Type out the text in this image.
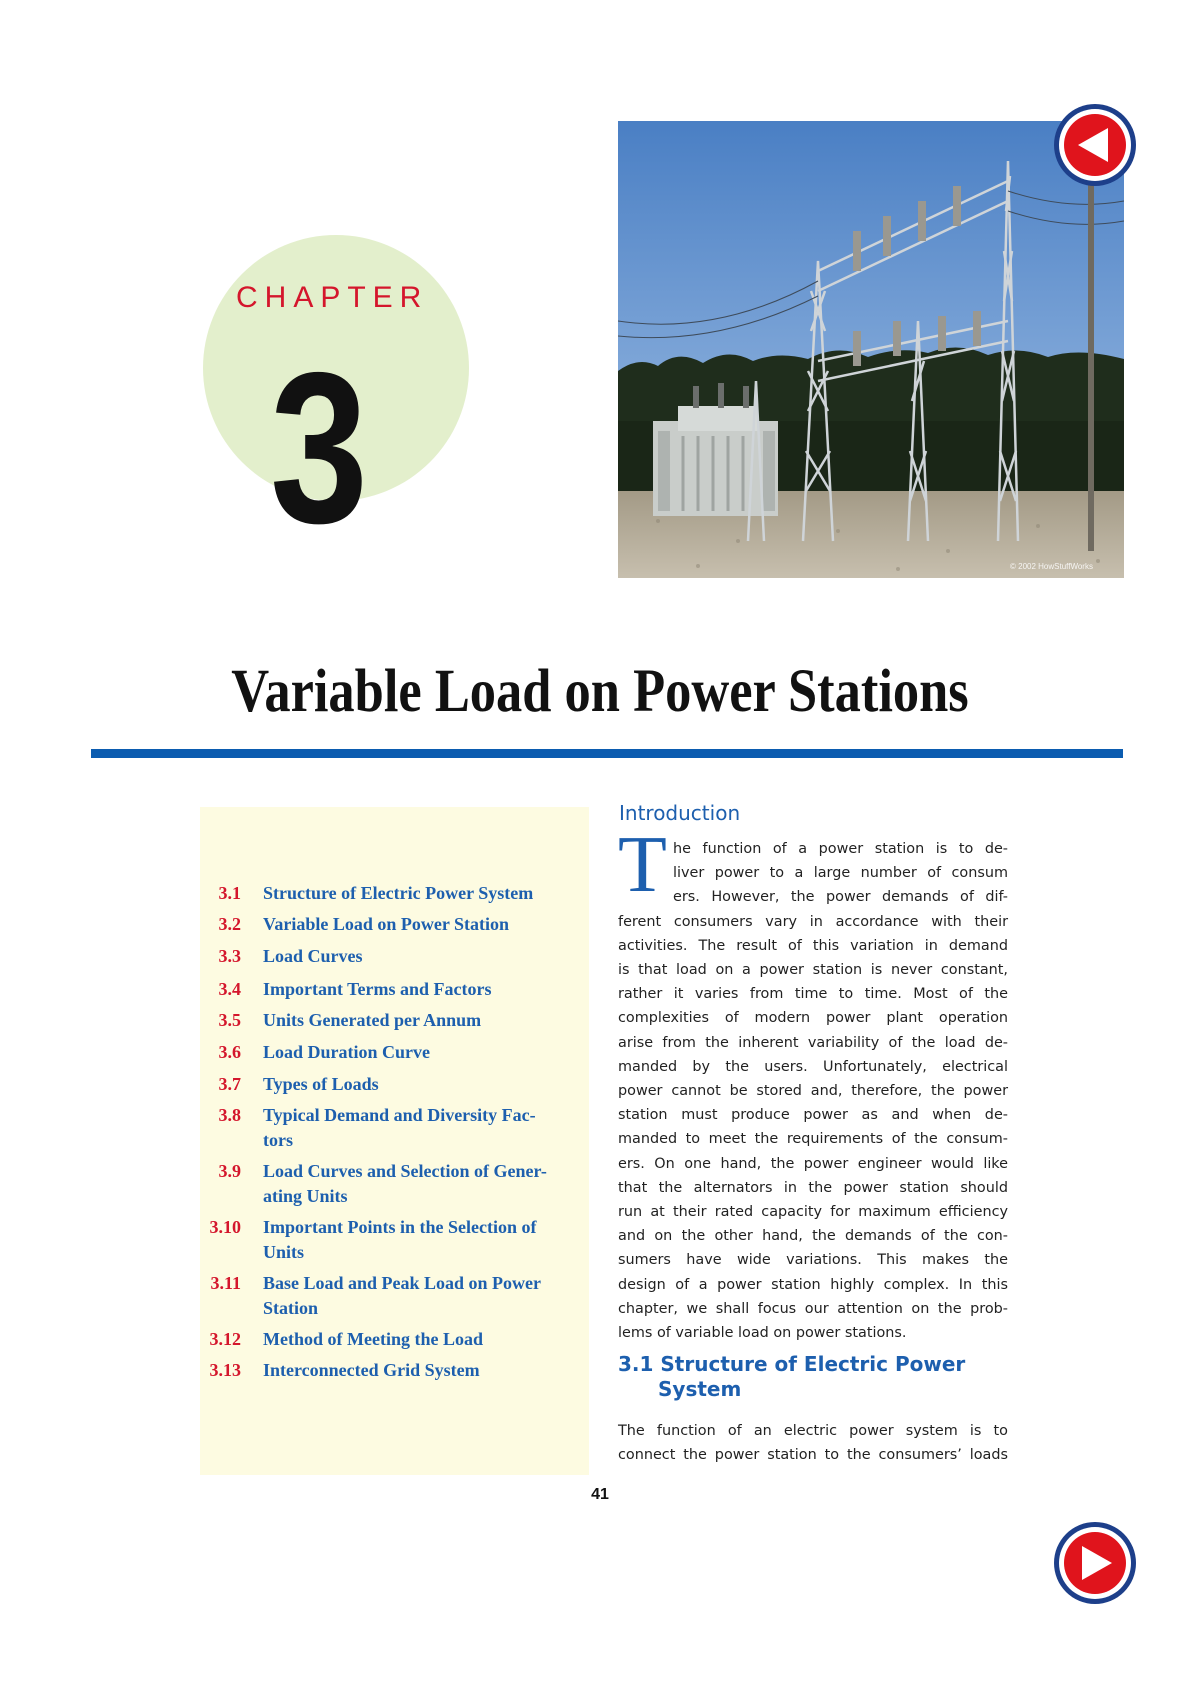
CHAPTER
3	© 2002 HowStuffWorks
Variable Load on Power Stations
3.1 Structure of Electric Power System
3.2 Variable Load on Power Station
3.3 Load Curves
3.4 Important Terms and Factors
3.5 Units Generated per Annum
3.6 Load Duration Curve
3.7 Types of Loads
3.8 Typical Demand and Diversity Fac-
tors
3.9 Load Curves and Selection of Gener-
ating Units
3.10 Important Points in the Selection of
Units
3.11 Base Load and Peak Load on Power
Station
3.12 Method of Meeting the Load
3.13 Interconnected Grid System
Introduction
T he function of a power station is to de-
liver power to a large number of consum
ers. However, the power demands of dif-
ferent consumers vary in accordance with their
activities. The result of this variation in demand
is that load on a power station is never constant,
rather it varies from time to time. Most of the
complexities of modern power plant operation
arise from the inherent variability of the load de-
manded by the users. Unfortunately, electrical
power cannot be stored and, therefore, the power
station must produce power as and when de-
manded to meet the requirements of the consum-
ers. On one hand, the power engineer would like
that the alternators in the power station should
run at their rated capacity for maximum efficiency
and on the other hand, the demands of the con-
sumers have wide variations. This makes the
design of a power station highly complex. In this
chapter, we shall focus our attention on the prob-
lems of variable load on power stations.
3.1 Structure of Electric Power
System
The function of an electric power system is to
connect the power station to the consumers’ loads
41
